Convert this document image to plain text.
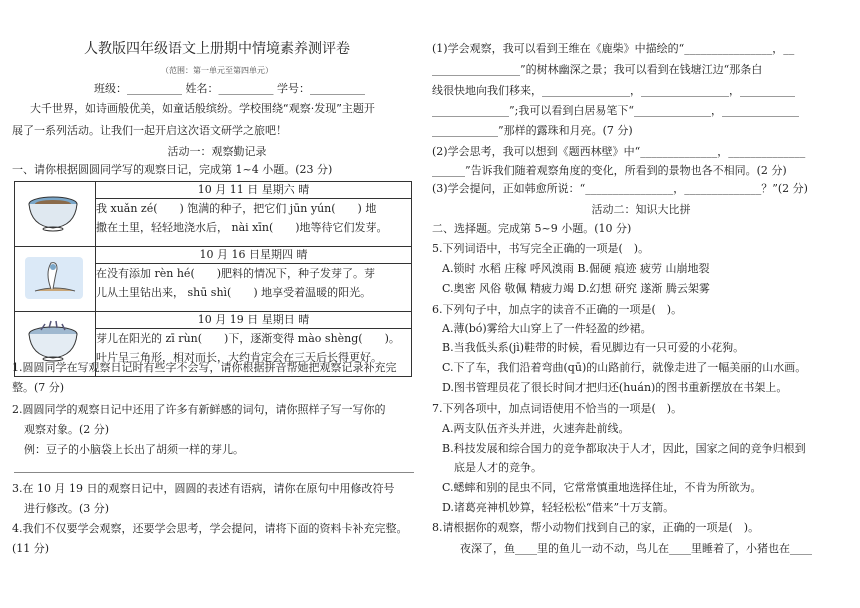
人教版四年级语文上册期中情境素养测评卷
（范围：第一单元至第四单元）
班级：__________ 姓名：__________ 学号：__________
大千世界，如诗画般优美，如童话般缤纷。学校围绕“观察·发现”主题开
展了一系列活动。让我们一起开启这次语文研学之旅吧！
活动一：观察勤记录
一、请你根据圆圆同学写的观察日记，完成第 1~4 小题。(23 分)
	10 月 11 日 星期六 晴

	我 xuǎn zé(　　) 饱满的种子，把它们 jūn yún(　　) 地
撒在土里，轻轻地浇水后， nài xīn(　　)地等待它们发芽。

	10 月 16 日星期四 晴

	在没有添加 rèn hé(　　)肥料的情况下，种子发芽了。芽
儿从土里钻出来， shū shì(　　) 地享受着温暖的阳光。

	10 月 19 日 星期日 晴

	芽儿在阳光的 zī rùn(　　)下，逐渐变得 mào shèng(　　)。
叶片呈三角形，相对而长，大约肯定会在三天后长得更好。
1.圆圆同学在写观察日记时有些字不会写，请你根据拼音帮她把观察记录补充完
整。(7 分)
2.圆圆同学的观察日记中还用了许多有新鲜感的词句，请你照样子写一写你的
观察对象。(2 分)
例：豆子的小脑袋上长出了胡须一样的芽儿。
3.在 10 月 19 日的观察日记中，圆圆的表述有语病，请你在原句中用修改符号
进行修改。(3 分)
4.我们不仅要学会观察，还要学会思考，学会提问，请将下面的资料卡补充完整。
(11 分)
(1)学会观察，我可以看到王维在《鹿柴》中描绘的“________________，__
________________”的树林幽深之景；我可以看到在钱塘江边“那条白
线很快地向我们移来，________________，________________，__________
______________”;我可以看到白居易笔下“______________，______________
____________”那样的露珠和月亮。(7 分)
(2)学会思考，我可以想到《题西林壁》中“______________，______________
______”告诉我们随着观察角度的变化，所看到的景物也各不相同。(2 分)
(3)学会提问，正如韩愈所说：“________________，______________？”(2 分)
活动二：知识大比拼
二、选择题。完成第 5~9 小题。(10 分)
5.下列词语中，书写完全正确的一项是(　)。
A.锁时 水稻 庄稼 呼风溴雨 B.倔硬 痕迹 疲劳 山崩地裂
C.奥密 风俗 敬佩 精疲力竭 D.幻想 研究 遂渐 腾云架雾
6.下列句子中，加点字的读音不正确的一项是(　)。
A.薄(bó)雾给大山穿上了一件轻盈的纱裙。
B.当我低头系(jì)鞋带的时候，看见脚边有一只可爱的小花狗。
C.下了车，我们沿着弯曲(qū)的山路前行，就像走进了一幅美丽的山水画。
D.图书管理员花了很长时间才把归还(huán)的图书重新摆放在书架上。
7.下列各项中，加点词语使用不恰当的一项是(　)。
A.两支队伍齐头并进，火速奔赴前线。
B.科技发展和综合国力的竞争都取决于人才，因此，国家之间的竞争归根到
底是人才的竞争。
C.蟋蟀和别的昆虫不同，它常常慎重地选择住址，不肯为所欲为。
D.诸葛亮神机妙算，轻轻松松“借来”十万支箭。
8.请根据你的观察，帮小动物们找到自己的家，正确的一项是(　)。
夜深了，鱼____里的鱼儿一动不动，鸟儿在____里睡着了，小猪也在____
